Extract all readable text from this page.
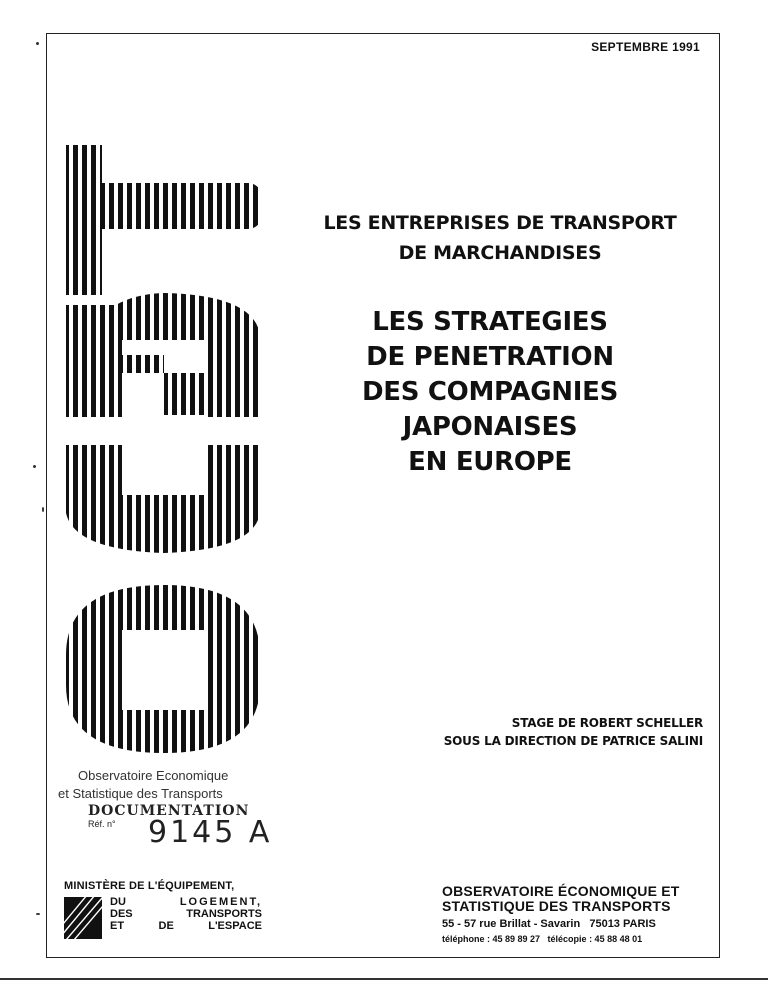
SEPTEMBRE 1991
LES ENTREPRISES DE TRANSPORT
DE MARCHANDISES
LES STRATEGIES
DE PENETRATION
DES COMPAGNIES
JAPONAISES
EN EUROPE
STAGE DE ROBERT SCHELLER
SOUS LA DIRECTION DE PATRICE SALINI
Observatoire Economique
et Statistique des Transports
DOCUMENTATION
Réf. n°	9145 A
MINISTÈRE DE L'ÉQUIPEMENT,
DU	LOGEMENT,
DES	TRANSPORTS
ET	DE	L'ESPACE
OBSERVATOIRE ÉCONOMIQUE ET
STATISTIQUE DES TRANSPORTS
55 - 57 rue Brillat - Savarin   75013 PARIS
téléphone : 45 89 89 27   télécopie : 45 88 48 01
